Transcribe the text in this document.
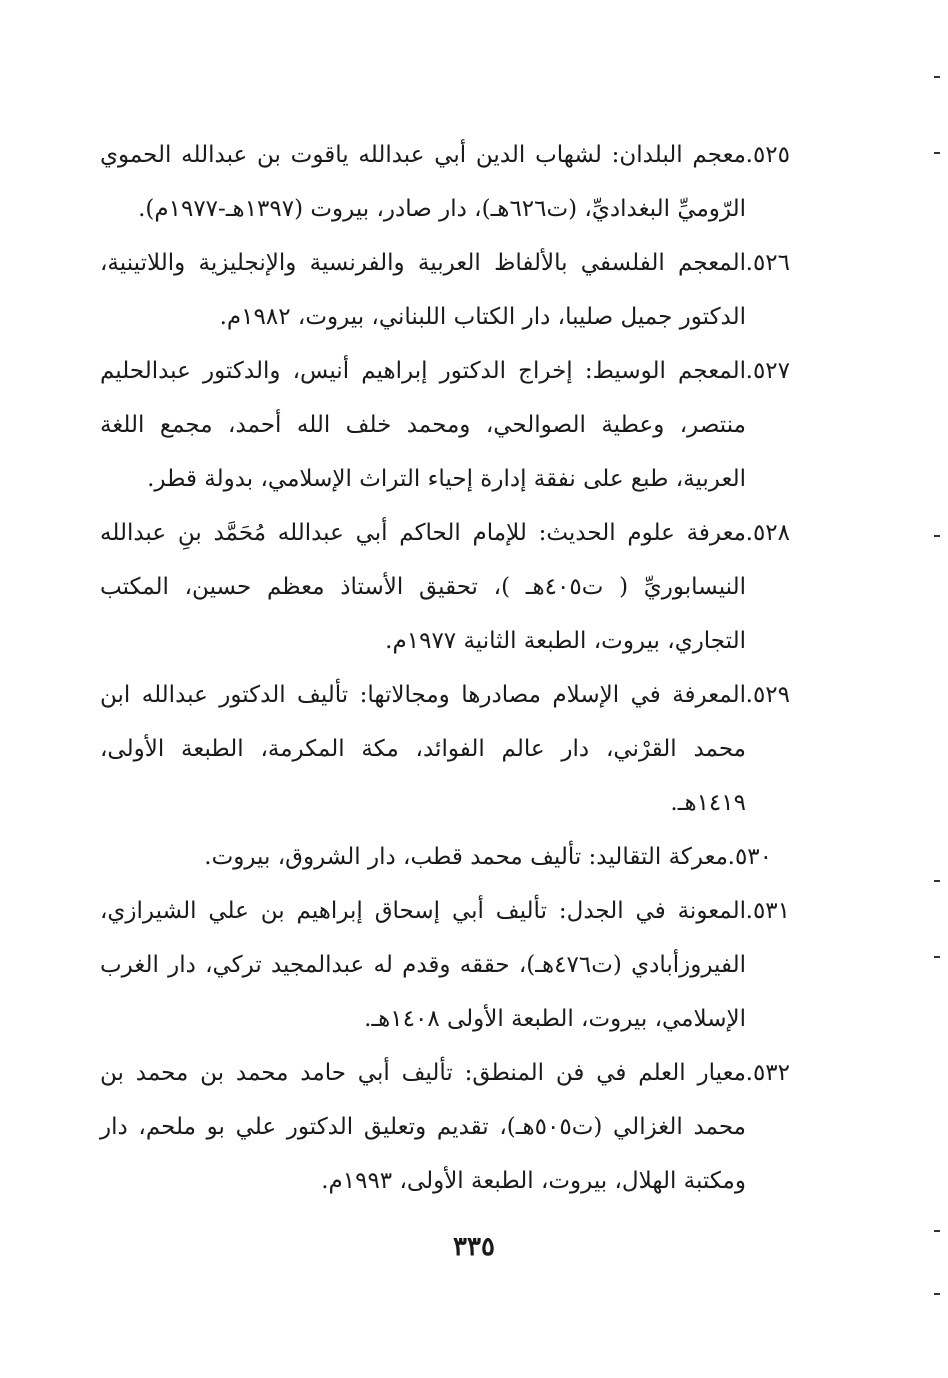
٥٢٥.
معجم البلدان: لشهاب الدين أبي عبدالله ياقوت بن عبدالله الحموي الرّوميِّ البغداديِّ، (ت٦٢٦هـ)، دار صادر، بيروت (١٣٩٧هـ-١٩٧٧م).
٥٢٦.
المعجم الفلسفي بالألفاظ العربية والفرنسية والإنجليزية واللاتينية، الدكتور جميل صليبا، دار الكتاب اللبناني، بيروت، ١٩٨٢م.
٥٢٧.
المعجم الوسيط: إخراج الدكتور إبراهيم أنيس، والدكتور عبدالحليم منتصر، وعطية الصوالحي، ومحمد خلف الله أحمد، مجمع اللغة العربية، طبع على نفقة إدارة إحياء التراث الإسلامي، بدولة قطر.
٥٢٨.
معرفة علوم الحديث: للإمام الحاكم أبي عبدالله مُحَمَّد بنِ عبدالله النيسابوريِّ ( ت٤٠٥هـ )، تحقيق الأستاذ معظم حسين، المكتب التجاري، بيروت، الطبعة الثانية ١٩٧٧م.
٥٢٩.
المعرفة في الإسلام مصادرها ومجالاتها: تأليف الدكتور عبدالله ابن محمد القرْني، دار عالم الفوائد، مكة المكرمة، الطبعة الأولى، ١٤١٩هـ.
٥٣٠.
معركة التقاليد: تأليف محمد قطب، دار الشروق، بيروت.
٥٣١.
المعونة في الجدل: تأليف أبي إسحاق إبراهيم بن علي الشيرازي، الفيروزأبادي (ت٤٧٦هـ)، حققه وقدم له عبدالمجيد تركي، دار الغرب الإسلامي، بيروت، الطبعة الأولى ١٤٠٨هـ.
٥٣٢.
معيار العلم في فن المنطق: تأليف أبي حامد محمد بن محمد بن محمد الغزالي (ت٥٠٥هـ)، تقديم وتعليق الدكتور علي بو ملحم، دار ومكتبة الهلال، بيروت، الطبعة الأولى، ١٩٩٣م.
٣٣٥
